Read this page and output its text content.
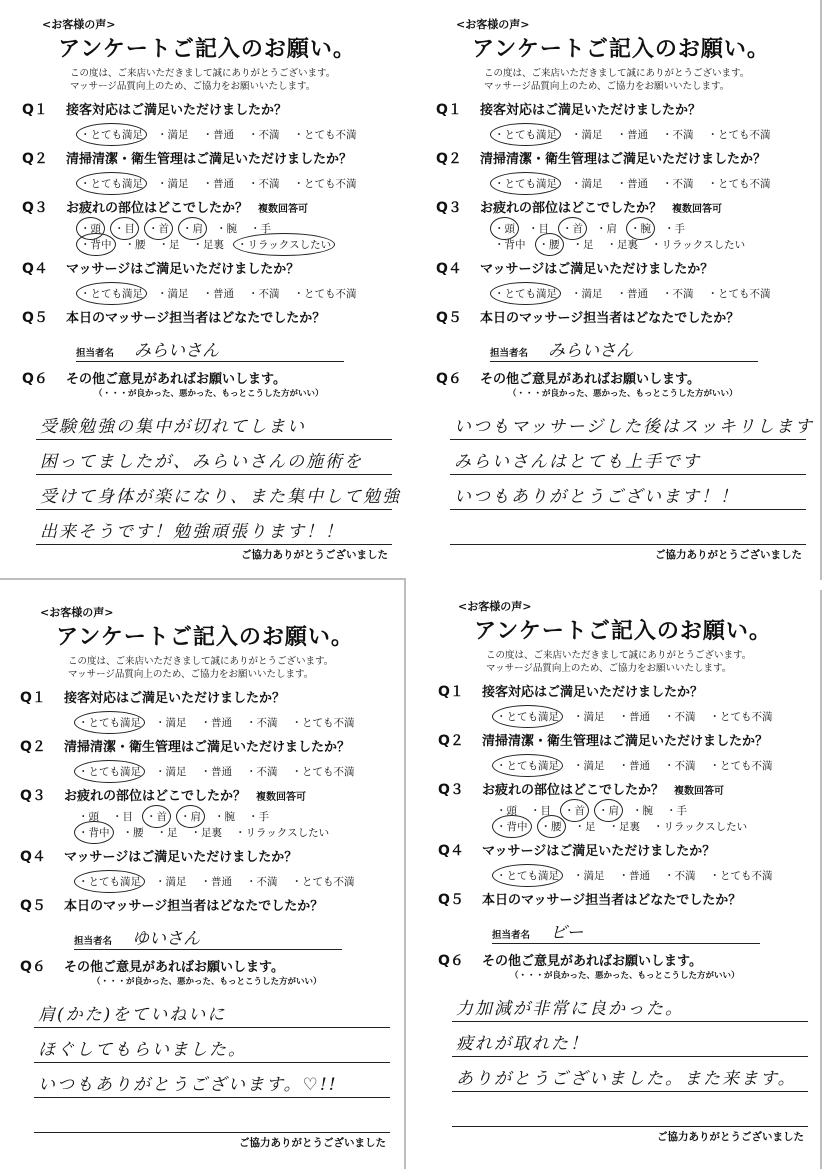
<お客様の声>
アンケートご記入のお願い。
この度は、ご来店いただきまして誠にありがとうございます。
マッサージ品質向上のため、ご協力をお願いいたします。
Q１	接客対応はご満足いただけましたか？
・ とても満足	・ 満足	・ 普通	・ 不満	・ とても不満
Q２	清掃清潔・衛生管理はご満足いただけましたか？
・ とても満足	・ 満足	・ 普通	・ 不満	・ とても不満
Q３	お疲れの部位はどこでしたか？ 複数回答可
・ 頭	・ 目	・ 首	・ 肩	・ 腕	・ 手
・ 背中	・ 腰	・ 足	・ 足裏	・ リラックスしたい
Q４	マッサージはご満足いただけましたか？
・ とても満足	・ 満足	・ 普通	・ 不満	・ とても不満
Q５	本日のマッサージ担当者はどなたでしたか？
担当者名 みらいさん
Q６	その他ご意見があればお願いします。
（・・・が良かった、悪かった、もっとこうした方がいい）
受験勉強の集中が切れてしまい
困ってましたが、みらいさんの施術を
受けて身体が楽になり、また集中して勉強
出来そうです！勉強頑張ります！！
ご協力ありがとうございました
<お客様の声>
アンケートご記入のお願い。
この度は、ご来店いただきまして誠にありがとうございます。
マッサージ品質向上のため、ご協力をお願いいたします。
Q１	接客対応はご満足いただけましたか？
・ とても満足	・ 満足	・ 普通	・ 不満	・ とても不満
Q２	清掃清潔・衛生管理はご満足いただけましたか？
・ とても満足	・ 満足	・ 普通	・ 不満	・ とても不満
Q３	お疲れの部位はどこでしたか？ 複数回答可
・ 頭	・ 目	・ 首	・ 肩	・ 腕	・ 手
・ 背中	・ 腰	・ 足	・ 足裏	・ リラックスしたい
Q４	マッサージはご満足いただけましたか？
・ とても満足	・ 満足	・ 普通	・ 不満	・ とても不満
Q５	本日のマッサージ担当者はどなたでしたか？
担当者名 みらいさん
Q６	その他ご意見があればお願いします。
（・・・が良かった、悪かった、もっとこうした方がいい）
いつもマッサージした後はスッキリします
みらいさんはとても上手です
いつもありがとうございます！！
ご協力ありがとうございました
<お客様の声>
アンケートご記入のお願い。
この度は、ご来店いただきまして誠にありがとうございます。
マッサージ品質向上のため、ご協力をお願いいたします。
Q１	接客対応はご満足いただけましたか？
・ とても満足	・ 満足	・ 普通	・ 不満	・ とても不満
Q２	清掃清潔・衛生管理はご満足いただけましたか？
・ とても満足	・ 満足	・ 普通	・ 不満	・ とても不満
Q３	お疲れの部位はどこでしたか？ 複数回答可
・ 頭	・ 目	・ 首	・ 肩	・ 腕	・ 手
・ 背中	・ 腰	・ 足	・ 足裏	・ リラックスしたい
Q４	マッサージはご満足いただけましたか？
・ とても満足	・ 満足	・ 普通	・ 不満	・ とても不満
Q５	本日のマッサージ担当者はどなたでしたか？
担当者名 ゆいさん
Q６	その他ご意見があればお願いします。
（・・・が良かった、悪かった、もっとこうした方がいい）
肩(かた)をていねいに
ほぐしてもらいました。
いつもありがとうございます。♡!!
ご協力ありがとうございました
<お客様の声>
アンケートご記入のお願い。
この度は、ご来店いただきまして誠にありがとうございます。
マッサージ品質向上のため、ご協力をお願いいたします。
Q１	接客対応はご満足いただけましたか？
・ とても満足	・ 満足	・ 普通	・ 不満	・ とても不満
Q２	清掃清潔・衛生管理はご満足いただけましたか？
・ とても満足	・ 満足	・ 普通	・ 不満	・ とても不満
Q３	お疲れの部位はどこでしたか？ 複数回答可
・ 頭	・ 目	・ 首	・ 肩	・ 腕	・ 手
・ 背中	・ 腰	・ 足	・ 足裏	・ リラックスしたい
Q４	マッサージはご満足いただけましたか？
・ とても満足	・ 満足	・ 普通	・ 不満	・ とても不満
Q５	本日のマッサージ担当者はどなたでしたか？
担当者名 ビー
Q６	その他ご意見があればお願いします。
（・・・が良かった、悪かった、もっとこうした方がいい）
力加減が非常に良かった。
疲れが取れた！
ありがとうございました。また来ます。
ご協力ありがとうございました
